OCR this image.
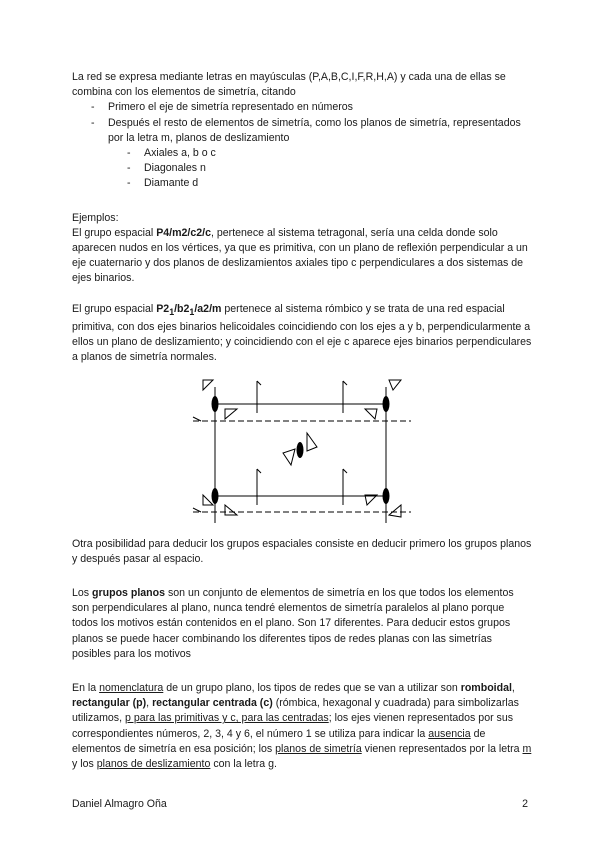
La red se expresa mediante letras en mayúsculas (P,A,B,C,I,F,R,H,A) y cada una de ellas se combina con los elementos de simetría, citando

- Primero el eje de simetría representado en números
- Después el resto de elementos de simetría, como los planos de simetría, representados por la letra m, planos de deslizamiento
- Axiales a, b o c
- Diagonales n
- Diamante d

Ejemplos:

El grupo espacial P4/m2/c2/c, pertenece al sistema tetragonal, sería una celda donde solo aparecen nudos en los vértices, ya que es primitiva, con un plano de reflexión perpendicular a un eje cuaternario y dos planos de deslizamientos axiales tipo c perpendiculares a dos sistemas de ejes binarios.

El grupo espacial $P2_1/b2_1/a2/m$ pertenece al sistema rómbico y se trata de una red espacial primitiva, con dos ejes binarios helicoidales coincidiendo con los ejes a y b, perpendicularmente a ellos un plano de deslizamiento; y coincidiendo con el eje c aparece ejes binarios perpendiculares a planos de simetría normales.

Otra posibilidad para deducir los grupos espaciales consiste en deducir primero los grupos planos y después pasar al espacio.

Los grupos planos son un conjunto de elementos de simetría en los que todos los elementos son perpendiculares al plano, nunca tendré elementos de simetría paralelos al plano porque todos los motivos están contenidos en el plano. Son 17 diferentes. Para deducir estos grupos planos se puede hacer combinando los diferentes tipos de redes planas con las simetrías posibles para los motivos

En la nomenclatura de un grupo plano, los tipos de redes que se van a utilizar son romboidal, rectangular (p), rectangular centrada (c) (rómbica, hexagonal y cuadrada) para simbolizarlas utilizamos, p para las primitivas y c, para las centradas; los ejes vienen representados por sus correspondientes números, 2, 3, 4 y 6, el número 1 se utiliza para indicar la ausencia de elementos de simetría en esa posición; los planos de simetría vienen representados por la letra m y los planos de deslizamiento con la letra g.

Daniel Almagro Oña	2
